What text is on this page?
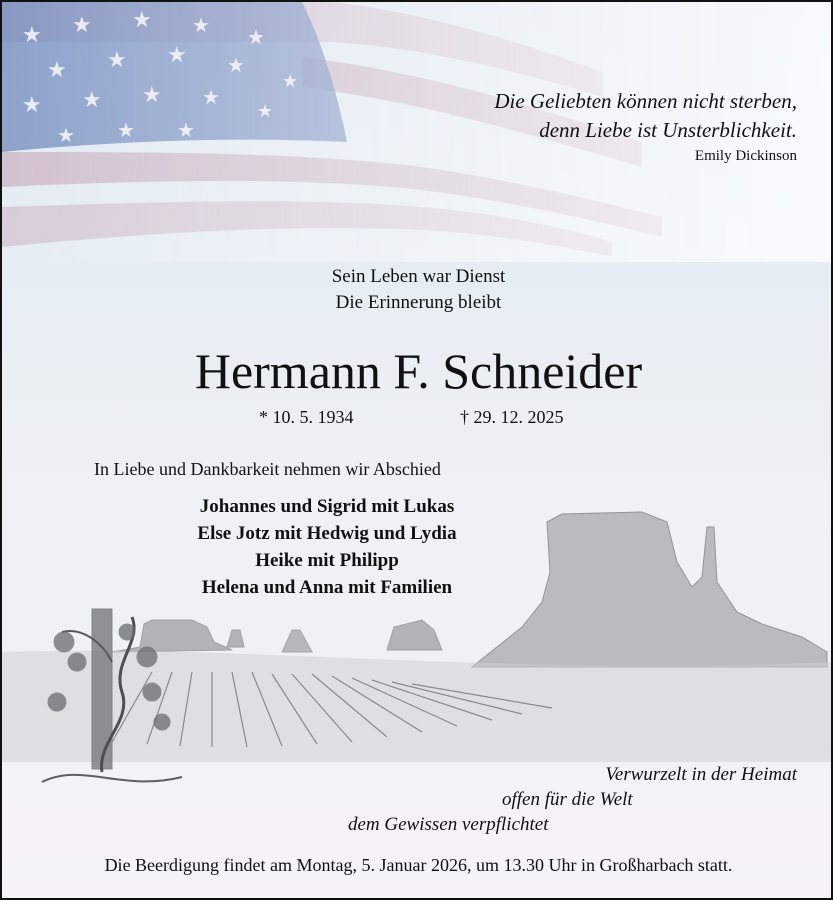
★ ★ ★ ★
★
★ ★ ★ ★
★
★ ★ ★ ★
★
★ ★ ★
Die Geliebten können nicht sterben,
denn Liebe ist Unsterblichkeit.
Emily Dickinson
Sein Leben war Dienst
Die Erinnerung bleibt
Hermann F. Schneider
* 10. 5. 1934	† 29. 12. 2025
In Liebe und Dankbarkeit nehmen wir Abschied
Johannes und Sigrid mit Lukas
Else Jotz mit Hedwig und Lydia
Heike mit Philipp
Helena und Anna mit Familien
Verwurzelt in der Heimat
offen für die Welt
dem Gewissen verpflichtet
Die Beerdigung findet am Montag, 5. Januar 2026, um 13.30 Uhr in Großharbach statt.
